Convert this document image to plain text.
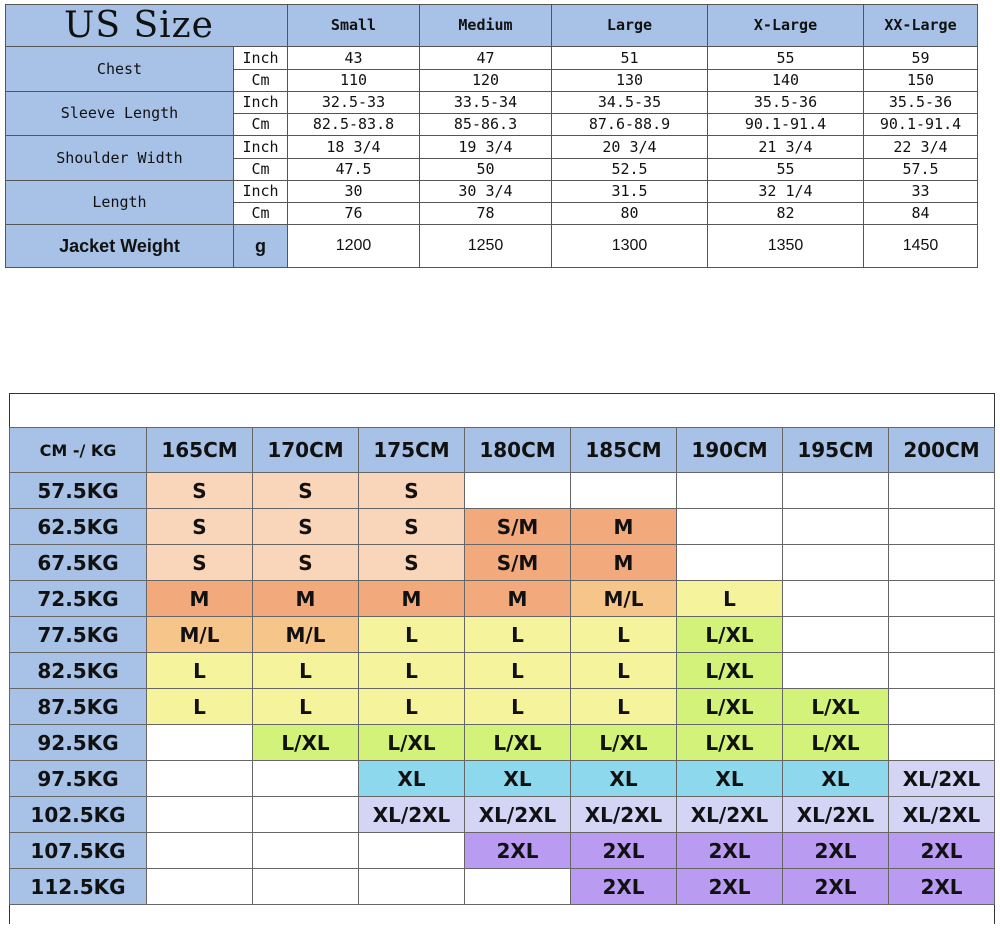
US Size		Small	Medium	Large	X-Large	XX-Large
Chest	Inch	43	47	51	55	59
	Cm	110	120	130	140	150
Sleeve Length	Inch	32.5-33	33.5-34	34.5-35	35.5-36	35.5-36
	Cm	82.5-83.8	85-86.3	87.6-88.9	90.1-91.4	90.1-91.4
Shoulder Width	Inch	18 3/4	19 3/4	20 3/4	21 3/4	22 3/4
	Cm	47.5	50	52.5	55	57.5
Length	Inch	30	30 3/4	31.5	32 1/4	33
	Cm	76	78	80	82	84
Jacket Weight	g	1200	1250	1300	1350	1450
CM -/ KG	165CM	170CM	175CM	180CM	185CM	190CM	195CM	200CM
57.5KG	S	S	S					
62.5KG	S	S	S	S/M	M			
67.5KG	S	S	S	S/M	M			
72.5KG	M	M	M	M	M/L	L		
77.5KG	M/L	M/L	L	L	L	L/XL		
82.5KG	L	L	L	L	L	L/XL		
87.5KG	L	L	L	L	L	L/XL	L/XL	
92.5KG		L/XL	L/XL	L/XL	L/XL	L/XL	L/XL	
97.5KG			XL	XL	XL	XL	XL	XL/2XL
102.5KG			XL/2XL	XL/2XL	XL/2XL	XL/2XL	XL/2XL	XL/2XL
107.5KG				2XL	2XL	2XL	2XL	2XL
112.5KG					2XL	2XL	2XL	2XL
